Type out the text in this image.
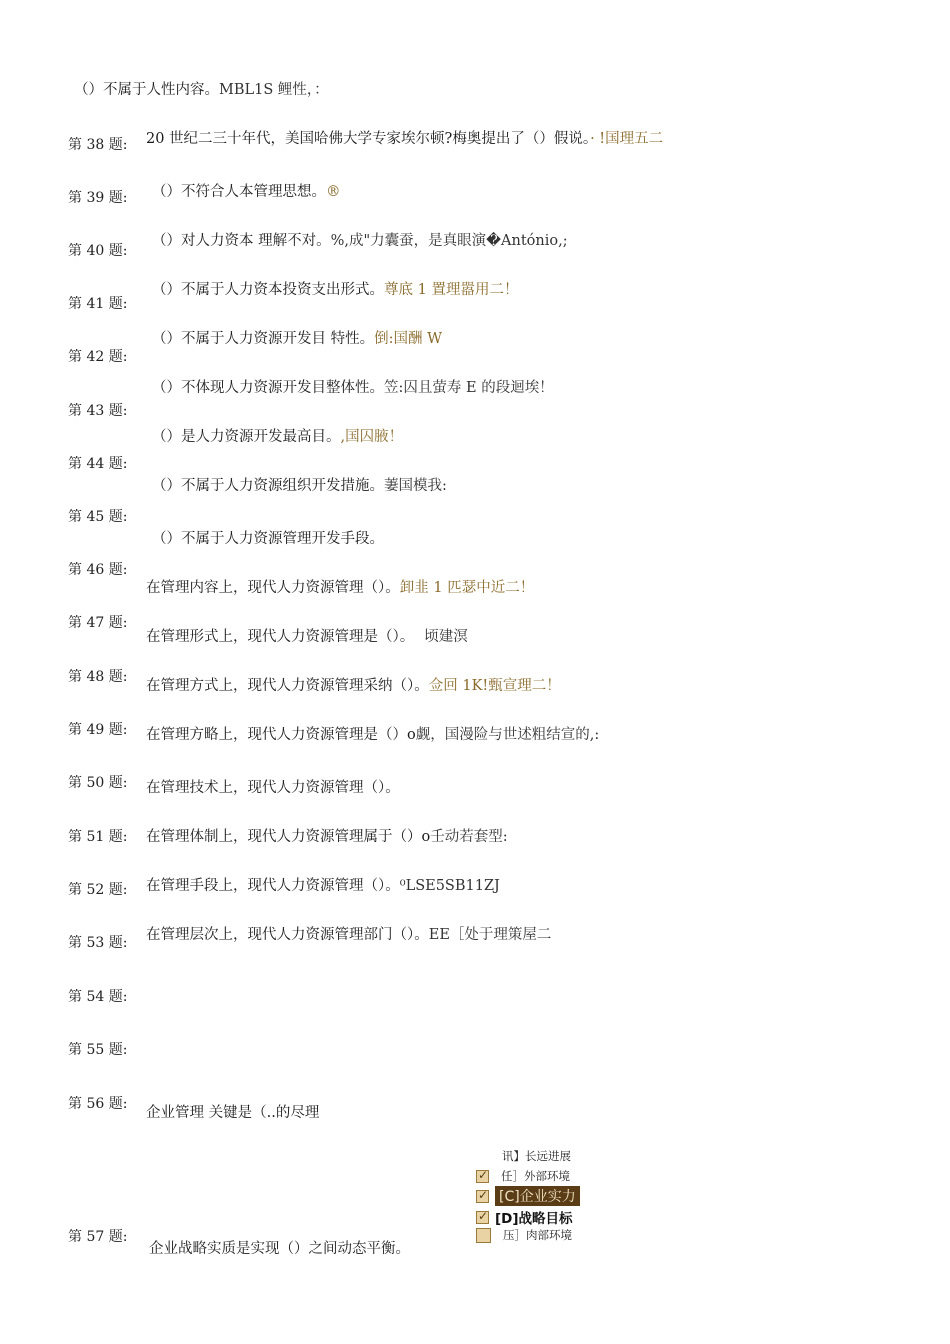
（）不属于人性内容。MBL1S 鲤性，：
第 38 题: 20 世纪二三十年代，美国哈佛大学专家埃尔顿?梅奥提出了（）假说。· !国理五二
第 39 题: （）不符合人本管理思想。®
第 40 题:
（）对人力资本 理解不对。%,成"力囊蚕，是真眼演�António,;
第 41 题:
（）不属于人力资本投资支出形式。尊底 1 置理嚣用二！
第 42 题:
（）不属于人力资源开发目 特性。倒:国酬 W
第 43 题:
（）不体现人力资源开发目整体性。笠:囚且萤寿 E 的段迴埃！
第 44 题:
（）是人力资源开发最高目。,国囚腋！
第 45 题:
（）不属于人力资源组织开发措施。萋国模我:
第 46 题:
（）不属于人力资源管理开发手段。
第 47 题:
在管理内容上，现代人力资源管理（）。卸韭 1 匹瑟中近二！
第 48 题:
在管理形式上，现代人力资源管理是（）。 顷建溟
第 49 题:
在管理方式上，现代人力资源管理采纳（）。佥回 1K!甄宣理二！
第 50 题:
在管理方略上，现代人力资源管理是（）o觑，国漫险与世述粗结宣的,:
第 51 题:
在管理技术上，现代人力资源管理（）。
第 52 题:
在管理体制上，现代人力资源管理属于（）o壬动若套型:
第 53 题:
在管理手段上，现代人力资源管理（）。⁰LSE5SB11ZJ
第 54 题:
在管理层次上，现代人力资源管理部门（）。EE［处于理策屋二
第 55 题:
第 56 题:
企业管理 关键是（..的尽理
第 57 题:
企业战略实质是实现（）之间动态平衡。
讯】长远进展
✓
任］外部环境
✓
[C]企业实力
✓
[D]战略目标
压］肉部环境
